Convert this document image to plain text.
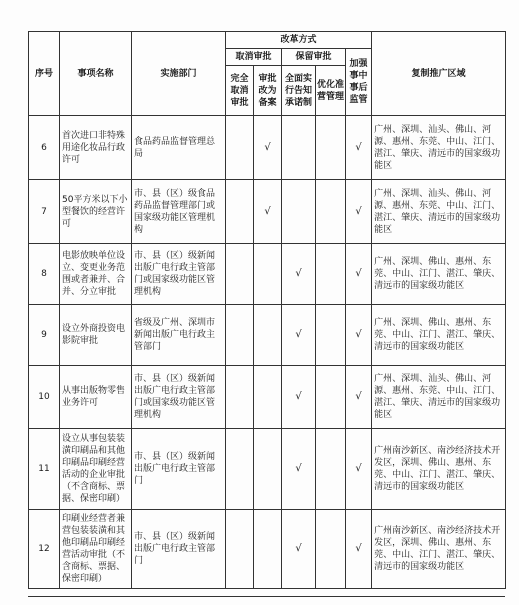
序号	事项名称	实施部门	改革方式					复制推广区域
			取消审批		保留审批		加强事中事后监管	
			完全取消审批	审批改为备案	全面实行告知承诺制	优化准营管理		
6	首次进口非特殊用途化妆品行政许可	食品药品监督管理总局		√			√	广州、深圳、汕头、佛山、河源、惠州、东莞、中山、江门、湛江、肇庆、清远市的国家级功能区
7	50平方米以下小型餐饮的经营许可	市、县（区）级食品药品监督管理部门或国家级功能区管理机构		√			√	广州、深圳、汕头、佛山、河源、惠州、东莞、中山、江门、湛江、肇庆、清远市的国家级功能区
8	电影放映单位设立、变更业务范围或者兼并、合并、分立审批	市、县（区）级新闻出版广电行政主管部门或国家级功能区管理机构			√		√	广州、深圳、佛山、惠州、东莞、中山、江门、湛江、肇庆、清远市的国家级功能区
9	设立外商投资电影院审批	省级及广州、深圳市新闻出版广电行政主管部门			√		√	广州、深圳、佛山、惠州、东莞、中山、江门、湛江、肇庆、清远市的国家级功能区
10	从事出版物零售业务许可	市、县（区）级新闻出版广电行政主管部门或国家级功能区管理机构			√		√	广州、深圳、汕头、佛山、河源、惠州、东莞、中山、江门、湛江、肇庆、清远市的国家级功能区
11	设立从事包装装潢印刷品和其他印刷品印刷经营活动的企业审批（不含商标、票据、保密印刷）	市、县（区）级新闻出版广电行政主管部门			√		√	广州南沙新区、南沙经济技术开发区，深圳、佛山、惠州、东莞、中山、江门、湛江、肇庆、清远市的国家级功能区
12	印刷业经营者兼营包装装潢和其他印刷品印刷经营活动审批（不含商标、票据、保密印刷）	市、县（区）级新闻出版广电行政主管部门			√		√	广州南沙新区、南沙经济技术开发区，深圳、佛山、惠州、东莞、中山、江门、湛江、肇庆、清远市的国家级功能区
